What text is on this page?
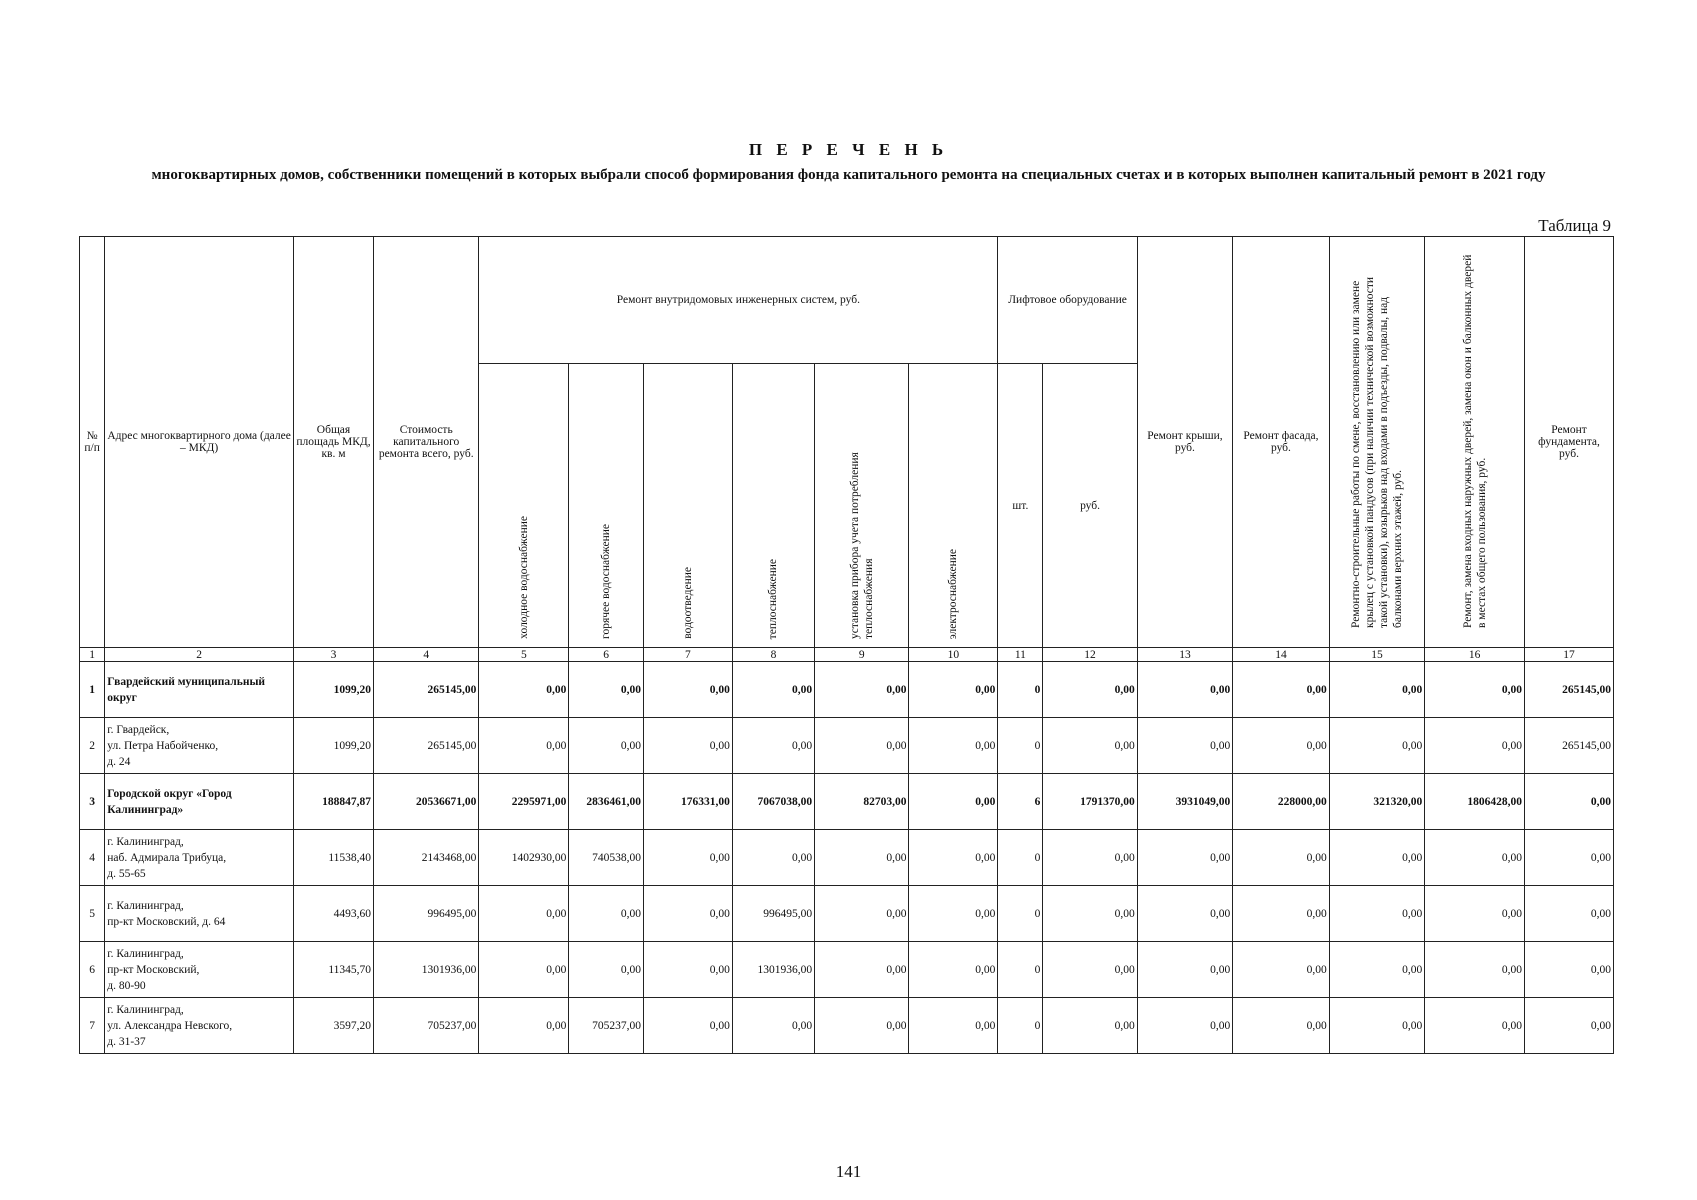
П Е Р Е Ч Е Н Ь
многоквартирных домов, собственники помещений в которых выбрали способ формирования фонда капитального ремонта на специальных счетах и в которых выполнен капитальный ремонт в 2021 году
Таблица 9
№ п/п	Адрес многоквартирного дома (далее – МКД)	Общая площадь МКД, кв. м	Стоимость капитального ремонта всего, руб.	Ремонт внутридомовых инженерных систем, руб.						Лифтовое оборудование		Ремонт крыши, руб.	Ремонт фасада, руб.	Ремонтно-строительные работы по смене, восстановлению или замене крылец с установкой пандусов (при наличии технической возможности такой установки), козырьков над входами в подъезды, подвалы, над балконами верхних этажей, руб.	Ремонт, замена входных наружных дверей, замена окон и балконных дверей в местах общего пользования, руб.	Ремонт фундамента, руб.

				холодное водоснабжение	горячее водоснабжение	водоотведение	теплоснабжение	установка прибора учета потребления теплоснабжения	электроснабжение	шт.	руб.					
1	2	3	4	5	6	7	8	9	10	11	12	13	14	15	16	17
1	Гвардейский муниципальный округ	1099,20	265145,00	0,00	0,00	0,00	0,00	0,00	0,00	0	0,00	0,00	0,00	0,00	0,00	265145,00
2	г. Гвардейск,
ул. Петра Набойченко,
д. 24	1099,20	265145,00	0,00	0,00	0,00	0,00	0,00	0,00	0	0,00	0,00	0,00	0,00	0,00	265145,00
3	Городской округ «Город Калининград»	188847,87	20536671,00	2295971,00	2836461,00	176331,00	7067038,00	82703,00	0,00	6	1791370,00	3931049,00	228000,00	321320,00	1806428,00	0,00
4	г. Калининград,
наб. Адмирала Трибуца,
д. 55-65	11538,40	2143468,00	1402930,00	740538,00	0,00	0,00	0,00	0,00	0	0,00	0,00	0,00	0,00	0,00	0,00
5	г. Калининград,
пр-кт Московский, д. 64	4493,60	996495,00	0,00	0,00	0,00	996495,00	0,00	0,00	0	0,00	0,00	0,00	0,00	0,00	0,00
6	г. Калининград,
пр-кт Московский,
д. 80-90	11345,70	1301936,00	0,00	0,00	0,00	1301936,00	0,00	0,00	0	0,00	0,00	0,00	0,00	0,00	0,00
7	г. Калининград,
ул. Александра Невского,
д. 31-37	3597,20	705237,00	0,00	705237,00	0,00	0,00	0,00	0,00	0	0,00	0,00	0,00	0,00	0,00	0,00
141
